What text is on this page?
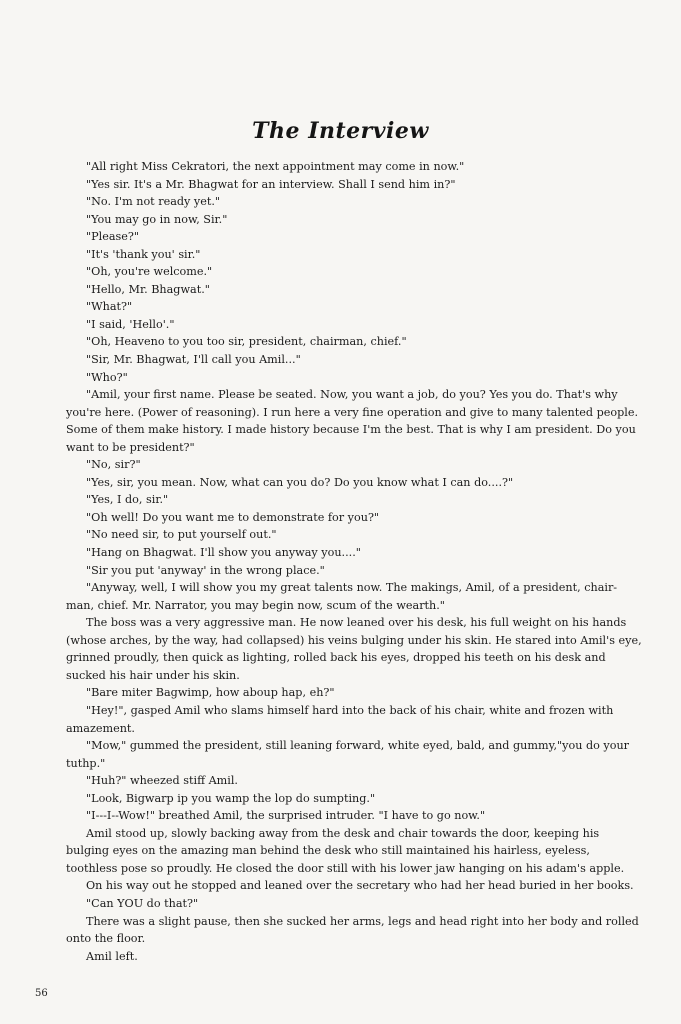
The Interview

"All right Miss Cekratori, the next appointment may come in now."

"Yes sir. It's a Mr. Bhagwat for an interview. Shall I send him in?"

"No. I'm not ready yet."

"You may go in now, Sir."

"Please?"

"It's 'thank you' sir."

"Oh, you're welcome."

"Hello, Mr. Bhagwat."

"What?"

"I said, 'Hello'."

"Oh, Heaveno to you too sir, president, chairman, chief."

"Sir, Mr. Bhagwat, I'll call you Amil..."

"Who?"

"Amil, your first name. Please be seated. Now, you want a job, do you? Yes you do. That's why you're here. (Power of reasoning). I run here a very fine operation and give to many talented people. Some of them make history. I made history because I'm the best. That is why I am president. Do you want to be president?"

"No, sir?"

"Yes, sir, you mean. Now, what can you do? Do you know what I can do....?"

"Yes, I do, sir."

"Oh well! Do you want me to demonstrate for you?"

"No need sir, to put yourself out."

"Hang on Bhagwat. I'll show you anyway you...."

"Sir you put 'anyway' in the wrong place."

"Anyway, well, I will show you my great talents now. The makings, Amil, of a president, chair-man, chief. Mr. Narrator, you may begin now, scum of the wearth."

The boss was a very aggressive man. He now leaned over his desk, his full weight on his hands (whose arches, by the way, had collapsed) his veins bulging under his skin. He stared into Amil's eye, grinned proudly, then quick as lighting, rolled back his eyes, dropped his teeth on his desk and sucked his hair under his skin.

"Bare miter Bagwimp, how aboup hap, eh?"

"Hey!", gasped Amil who slams himself hard into the back of his chair, white and frozen with amazement.

"Mow," gummed the president, still leaning forward, white eyed, bald, and gummy,"you do your tuthp."

"Huh?" wheezed stiff Amil.

"Look, Bigwarp ip you wamp the lop do sumpting."

"I---I--Wow!" breathed Amil, the surprised intruder. "I have to go now."

Amil stood up, slowly backing away from the desk and chair towards the door, keeping his bulging eyes on the amazing man behind the desk who still maintained his hairless, eyeless, toothless pose so proudly. He closed the door still with his lower jaw hanging on his adam's apple.

On his way out he stopped and leaned over the secretary who had her head buried in her books.

"Can YOU do that?"

There was a slight pause, then she sucked her arms, legs and head right into her body and rolled onto the floor.

Amil left.

56
